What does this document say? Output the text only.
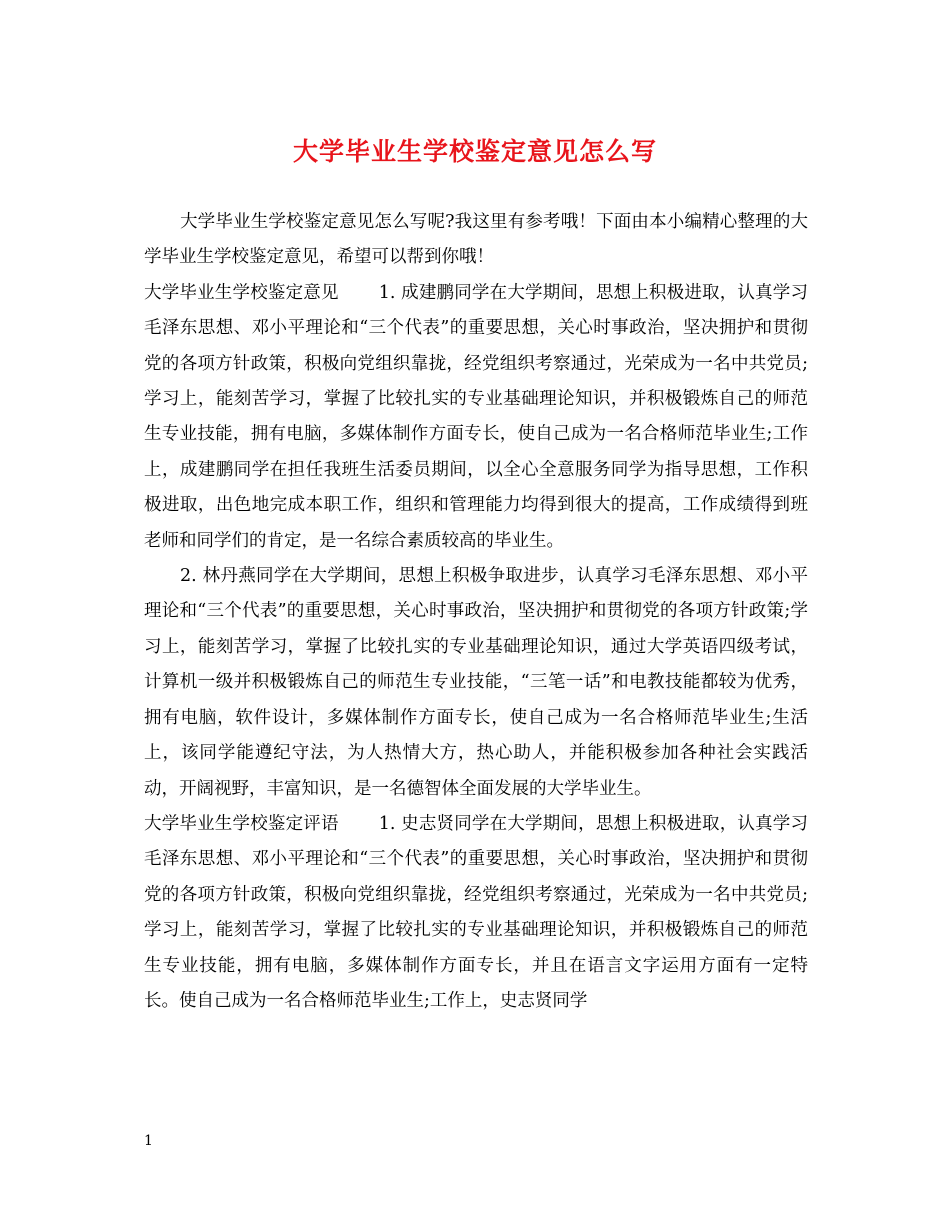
大学毕业生学校鉴定意见怎么写

大学毕业生学校鉴定意见怎么写呢?我这里有参考哦！下面由本小编精心整理的大学毕业生学校鉴定意见，希望可以帮到你哦！

大学毕业生学校鉴定意见 1. 成建鹏同学在大学期间，思想上积极进取，认真学习毛泽东思想、邓小平理论和“三个代表”的重要思想，关心时事政治，坚决拥护和贯彻党的各项方针政策，积极向党组织靠拢，经党组织考察通过，光荣成为一名中共党员;学习上，能刻苦学习，掌握了比较扎实的专业基础理论知识，并积极锻炼自己的师范生专业技能，拥有电脑，多媒体制作方面专长，使自己成为一名合格师范毕业生;工作上，成建鹏同学在担任我班生活委员期间，以全心全意服务同学为指导思想，工作积极进取，出色地完成本职工作，组织和管理能力均得到很大的提高，工作成绩得到班老师和同学们的肯定，是一名综合素质较高的毕业生。

2. 林丹燕同学在大学期间，思想上积极争取进步，认真学习毛泽东思想、邓小平理论和“三个代表”的重要思想，关心时事政治，坚决拥护和贯彻党的各项方针政策;学习上，能刻苦学习，掌握了比较扎实的专业基础理论知识，通过大学英语四级考试，计算机一级并积极锻炼自己的师范生专业技能，“三笔一话”和电教技能都较为优秀，拥有电脑，软件设计，多媒体制作方面专长，使自己成为一名合格师范毕业生;生活上，该同学能遵纪守法，为人热情大方，热心助人，并能积极参加各种社会实践活动，开阔视野，丰富知识，是一名德智体全面发展的大学毕业生。

大学毕业生学校鉴定评语 1. 史志贤同学在大学期间，思想上积极进取，认真学习毛泽东思想、邓小平理论和“三个代表”的重要思想，关心时事政治，坚决拥护和贯彻党的各项方针政策，积极向党组织靠拢，经党组织考察通过，光荣成为一名中共党员;学习上，能刻苦学习，掌握了比较扎实的专业基础理论知识，并积极锻炼自己的师范生专业技能，拥有电脑，多媒体制作方面专长，并且在语言文字运用方面有一定特长。使自己成为一名合格师范毕业生;工作上，史志贤同学

1
